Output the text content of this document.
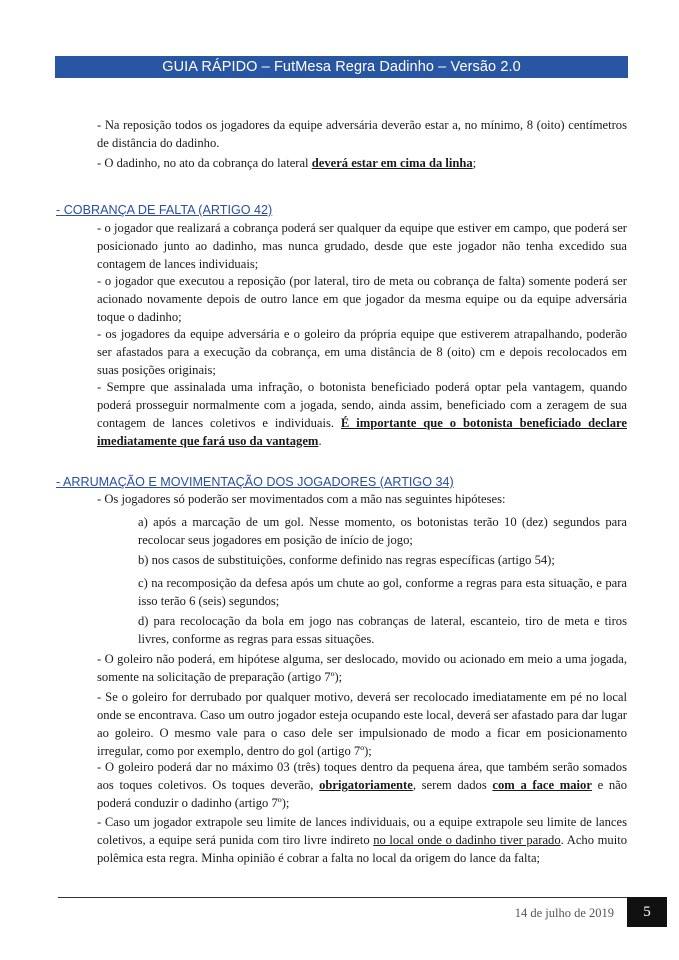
GUIA RÁPIDO – FutMesa Regra Dadinho – Versão 2.0
- Na reposição todos os jogadores da equipe adversária deverão estar a, no mínimo, 8 (oito) centímetros de distância do dadinho.
- O dadinho, no ato da cobrança do lateral deverá estar em cima da linha;
- COBRANÇA DE FALTA (ARTIGO 42)
- o jogador que realizará a cobrança poderá ser qualquer da equipe que estiver em campo, que poderá ser posicionado junto ao dadinho, mas nunca grudado, desde que este jogador não tenha excedido sua contagem de lances individuais;
- o jogador que executou a reposição (por lateral, tiro de meta ou cobrança de falta) somente poderá ser acionado novamente depois de outro lance em que jogador da mesma equipe ou da equipe adversária toque o dadinho;
- os jogadores da equipe adversária e o goleiro da própria equipe que estiverem atrapalhando, poderão ser afastados para a execução da cobrança, em uma distância de 8 (oito) cm e depois recolocados em suas posições originais;
- Sempre que assinalada uma infração, o botonista beneficiado poderá optar pela vantagem, quando poderá prosseguir normalmente com a jogada, sendo, ainda assim, beneficiado com a zeragem de sua contagem de lances coletivos e individuais. É importante que o botonista beneficiado declare imediatamente que fará uso da vantagem.
- ARRUMAÇÃO E MOVIMENTAÇÃO DOS JOGADORES (ARTIGO 34)
- Os jogadores só poderão ser movimentados com a mão nas seguintes hipóteses:
a) após a marcação de um gol. Nesse momento, os botonistas terão 10 (dez) segundos para recolocar seus jogadores em posição de início de jogo;
b) nos casos de substituições, conforme definido nas regras específicas (artigo 54);
c) na recomposição da defesa após um chute ao gol, conforme a regras para esta situação, e para isso terão 6 (seis) segundos;
d) para recolocação da bola em jogo nas cobranças de lateral, escanteio, tiro de meta e tiros livres, conforme as regras para essas situações.
- O goleiro não poderá, em hipótese alguma, ser deslocado, movido ou acionado em meio a uma jogada, somente na solicitação de preparação (artigo 7º);
- Se o goleiro for derrubado por qualquer motivo, deverá ser recolocado imediatamente em pé no local onde se encontrava. Caso um outro jogador esteja ocupando este local, deverá ser afastado para dar lugar ao goleiro. O mesmo vale para o caso dele ser impulsionado de modo a ficar em posicionamento irregular, como por exemplo, dentro do gol (artigo 7º);
- O goleiro poderá dar no máximo 03 (três) toques dentro da pequena área, que também serão somados aos toques coletivos. Os toques deverão, obrigatoriamente, serem dados com a face maior e não poderá conduzir o dadinho (artigo 7º);
- Caso um jogador extrapole seu limite de lances individuais, ou a equipe extrapole seu limite de lances coletivos, a equipe será punida com tiro livre indireto no local onde o dadinho tiver parado. Acho muito polêmica esta regra. Minha opinião é cobrar a falta no local da origem do lance da falta;
14 de julho de 2019	5
